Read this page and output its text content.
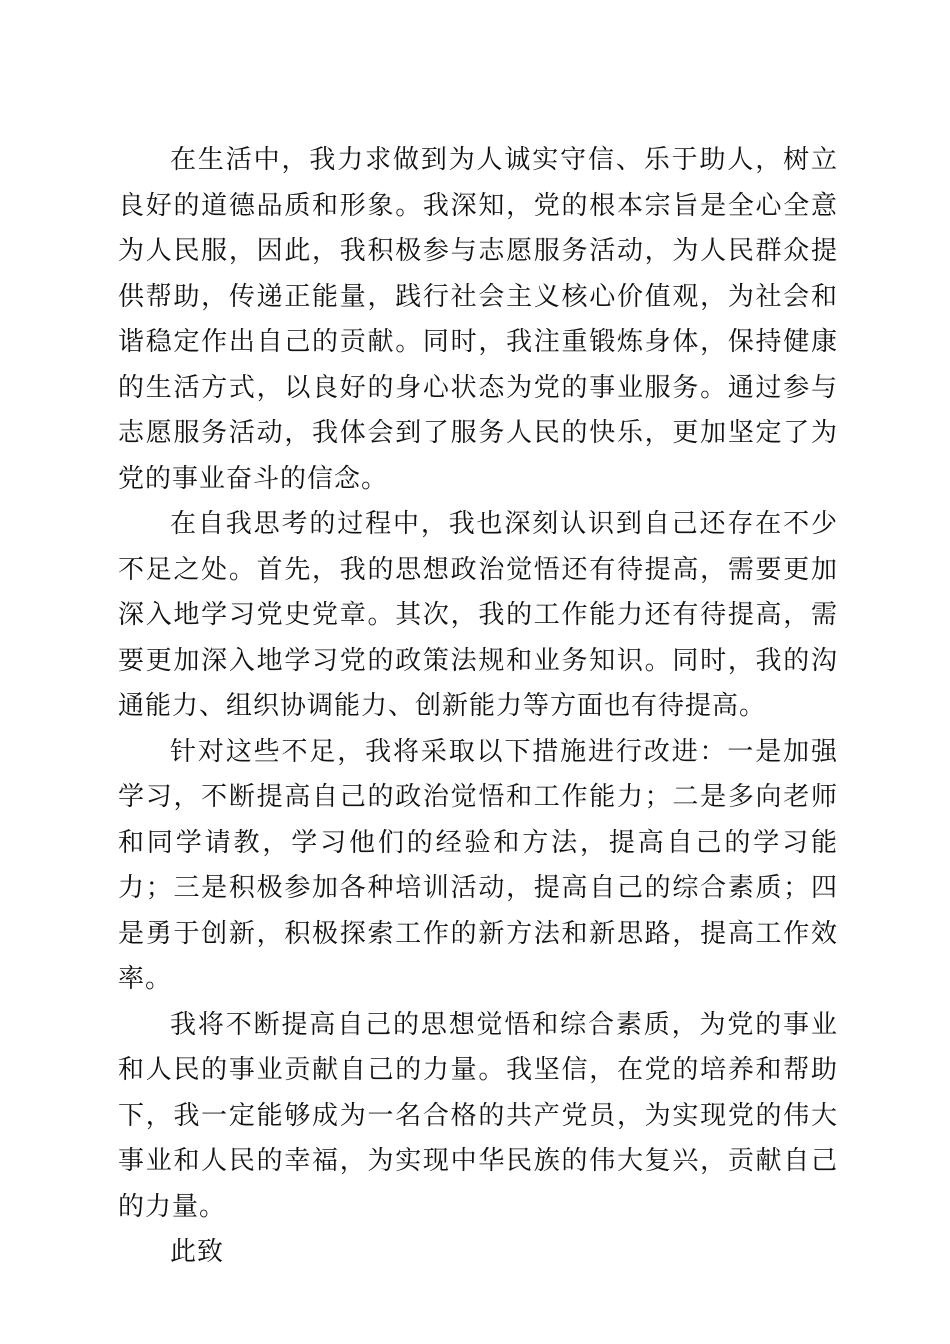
在生活中，我力求做到为人诚实守信、乐于助人，树立良好的道德品质和形象。我深知，党的根本宗旨是全心全意为人民服，因此，我积极参与志愿服务活动，为人民群众提供帮助，传递正能量，践行社会主义核心价值观，为社会和谐稳定作出自己的贡献。同时，我注重锻炼身体，保持健康的生活方式，以良好的身心状态为党的事业服务。通过参与志愿服务活动，我体会到了服务人民的快乐，更加坚定了为党的事业奋斗的信念。

在自我思考的过程中，我也深刻认识到自己还存在不少不足之处。首先，我的思想政治觉悟还有待提高，需要更加深入地学习党史党章。其次，我的工作能力还有待提高，需要更加深入地学习党的政策法规和业务知识。同时，我的沟通能力、组织协调能力、创新能力等方面也有待提高。

针对这些不足，我将采取以下措施进行改进：一是加强学习，不断提高自己的政治觉悟和工作能力；二是多向老师和同学请教，学习他们的经验和方法，提高自己的学习能力；三是积极参加各种培训活动，提高自己的综合素质；四是勇于创新，积极探索工作的新方法和新思路，提高工作效率。

我将不断提高自己的思想觉悟和综合素质，为党的事业和人民的事业贡献自己的力量。我坚信，在党的培养和帮助下，我一定能够成为一名合格的共产党员，为实现党的伟大事业和人民的幸福，为实现中华民族的伟大复兴，贡献自己的力量。

此致
